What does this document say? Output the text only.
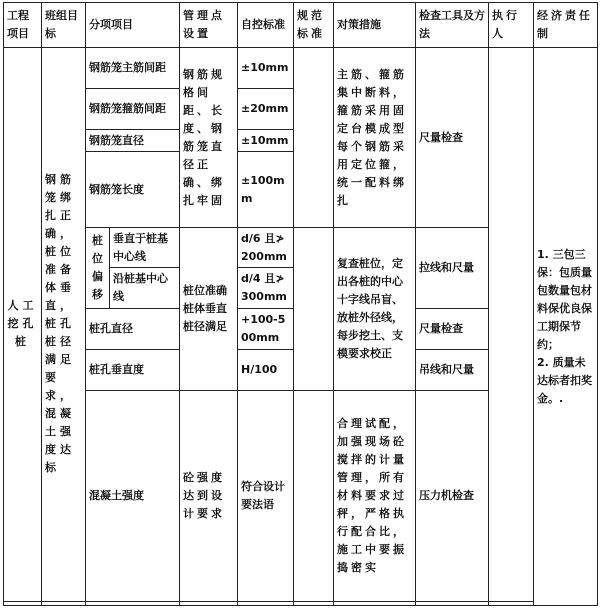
工程项目	班组目标	分项项目		管理点设置	自控标准	规范标准	对策措施	检查工具及方法	执行人	经济责任制
人工挖孔桩	钢筋笼绑扎正确，桩位准备体垂直，桩孔桩径满足要求，混凝土强度达标	钢筋笼主筋间距		钢筋规格间距、长度、钢筋笼直径正确、绑扎牢固	±10mm		主筋、箍筋集中断料，箍筋采用固定台模成型每个钢筋采用定位箍，统一配料绑扎	尺量检查		1. 三包三保：包质量包数量包材料保优良保工期保节约；
2. 质量未达标者扣奖金。.

		钢筋笼箍筋间距			±20mm					
		钢筋笼直径			±10mm					
		钢筋笼长度			±100mm					
		桩位偏移	垂直于桩基中心线	桩位准确桩体垂直桩径满足	d/6 且≯200mm		复查桩位，定出各桩的中心十字线吊盲、放桩外径线，每步挖土、支模要求校正	拉线和尺量		
			沿桩基中心线		d/4 且≯300mm					
		桩孔直径			+100-500mm			尺量检查		
		桩孔垂直度			H/100			吊线和尺量		
		混凝土强度		砼强度达到设计要求	符合设计要法语		合理试配，加强现场砼搅拌的计量管理，所有材料要求过秤，严格执行配合比，施工中要振捣密实	压力机检查		
